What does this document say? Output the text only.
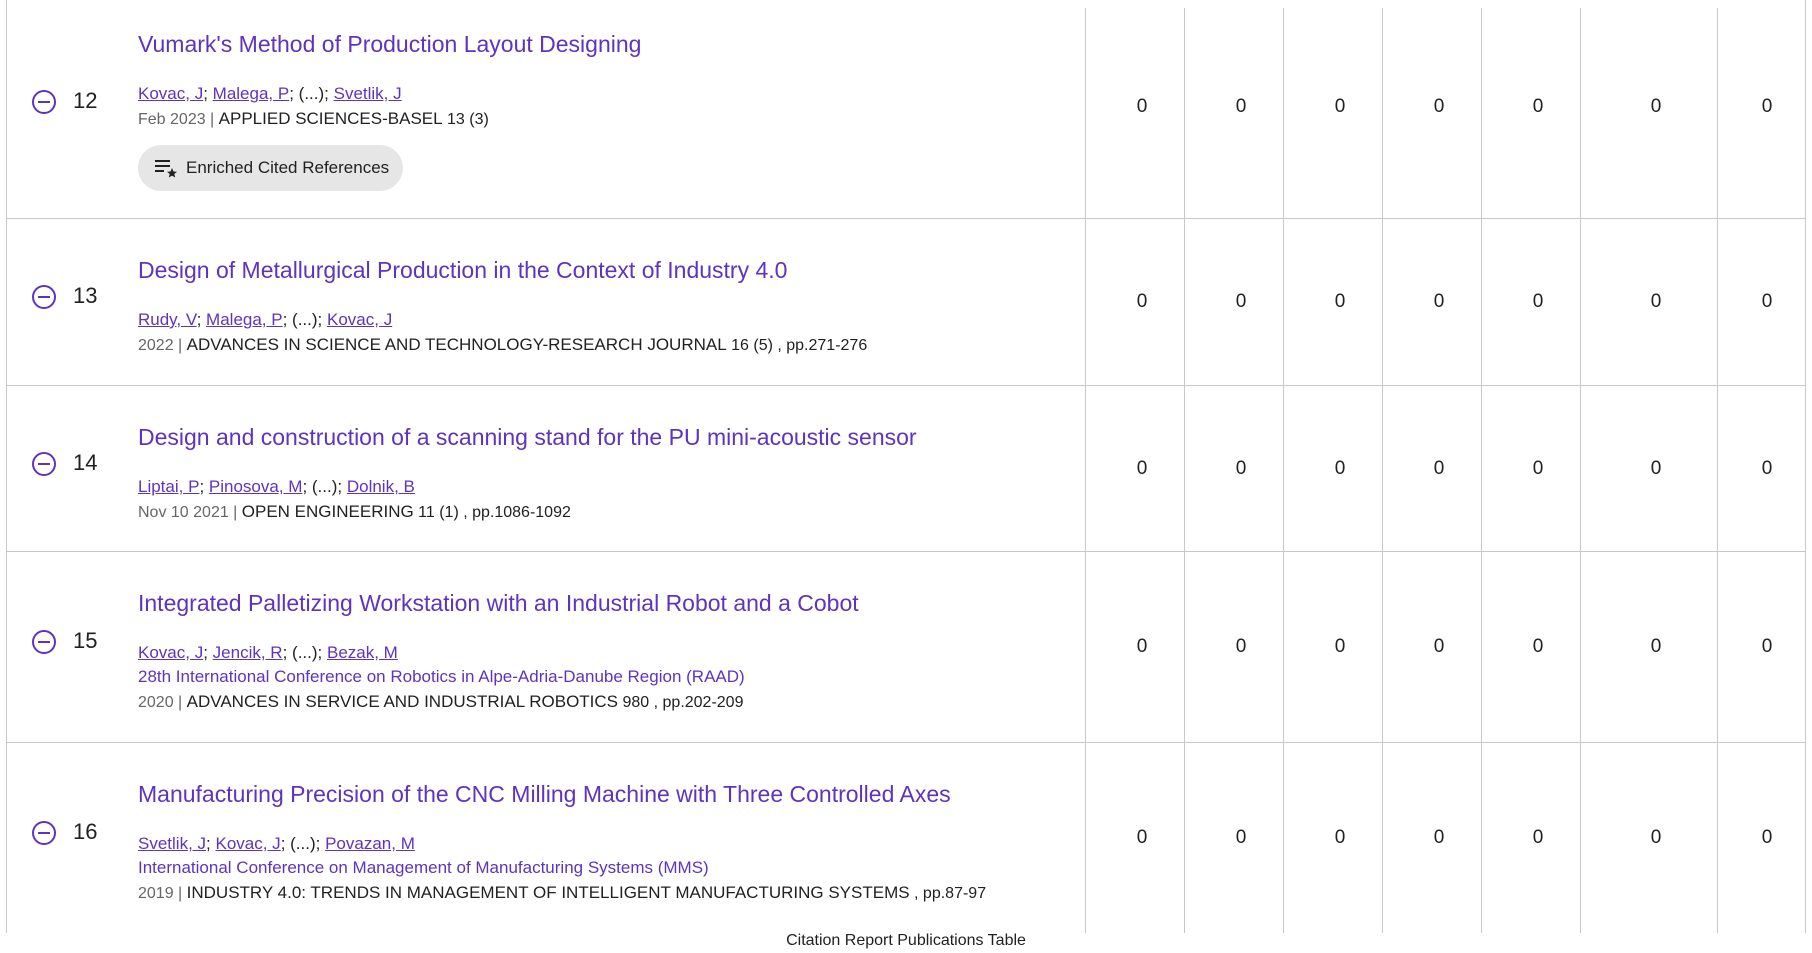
12
Vumark's Method of Production Layout Designing
Kovac, J; Malega, P; (...); Svetlik, J
Feb 2023 | APPLIED SCIENCES-BASEL 13 (3)
Enriched Cited References
0	0	0	0	0	0	0
13
Design of Metallurgical Production in the Context of Industry 4.0
Rudy, V; Malega, P; (...); Kovac, J
2022 | ADVANCES IN SCIENCE AND TECHNOLOGY-RESEARCH JOURNAL 16 (5) , pp.271-276
0	0	0	0	0	0	0
14
Design and construction of a scanning stand for the PU mini-acoustic sensor
Liptai, P; Pinosova, M; (...); Dolnik, B
Nov 10 2021 | OPEN ENGINEERING 11 (1) , pp.1086-1092
0	0	0	0	0	0	0
15
Integrated Palletizing Workstation with an Industrial Robot and a Cobot
Kovac, J; Jencik, R; (...); Bezak, M
28th International Conference on Robotics in Alpe-Adria-Danube Region (RAAD)
2020 | ADVANCES IN SERVICE AND INDUSTRIAL ROBOTICS 980 , pp.202-209
0	0	0	0	0	0	0
16
Manufacturing Precision of the CNC Milling Machine with Three Controlled Axes
Svetlik, J; Kovac, J; (...); Povazan, M
International Conference on Management of Manufacturing Systems (MMS)
2019 | INDUSTRY 4.0: TRENDS IN MANAGEMENT OF INTELLIGENT MANUFACTURING SYSTEMS , pp.87-97
0	0	0	0	0	0	0
Citation Report Publications Table
